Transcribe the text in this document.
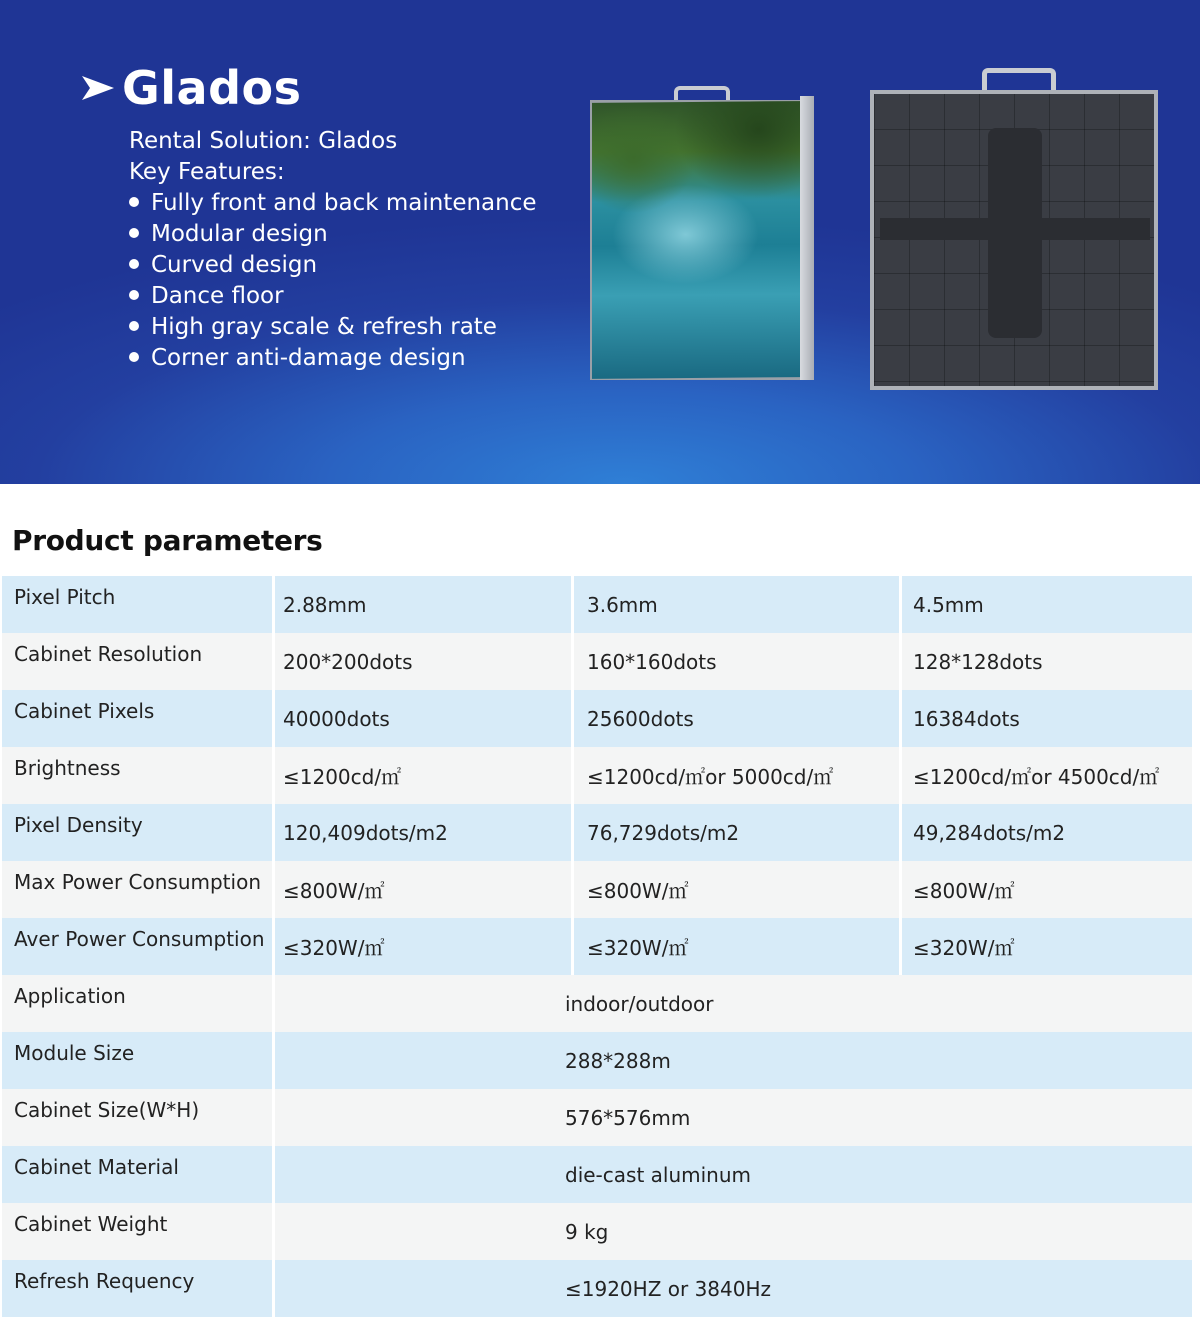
Glados
Rental Solution: Glados
Key Features:
Fully front and back maintenance
Modular design
Curved design
Dance floor
High gray scale & refresh rate
Corner anti-damage design
Product parameters
Pixel Pitch	2.88mm	3.6mm	4.5mm
Cabinet Resolution	200*200dots	160*160dots	128*128dots
Cabinet Pixels	40000dots	25600dots	16384dots
Brightness	≤1200cd/㎡	≤1200cd/㎡or 5000cd/㎡	≤1200cd/㎡or 4500cd/㎡
Pixel Density	120,409dots/m2	76,729dots/m2	49,284dots/m2
Max Power Consumption	≤800W/㎡	≤800W/㎡	≤800W/㎡
Aver Power Consumption	≤320W/㎡	≤320W/㎡	≤320W/㎡
Application	indoor/outdoor		
Module Size	288*288m		
Cabinet Size(W*H)	576*576mm		
Cabinet Material	die-cast aluminum		
Cabinet Weight	9 kg		
Refresh Requency	≤1920HZ or 3840Hz		
